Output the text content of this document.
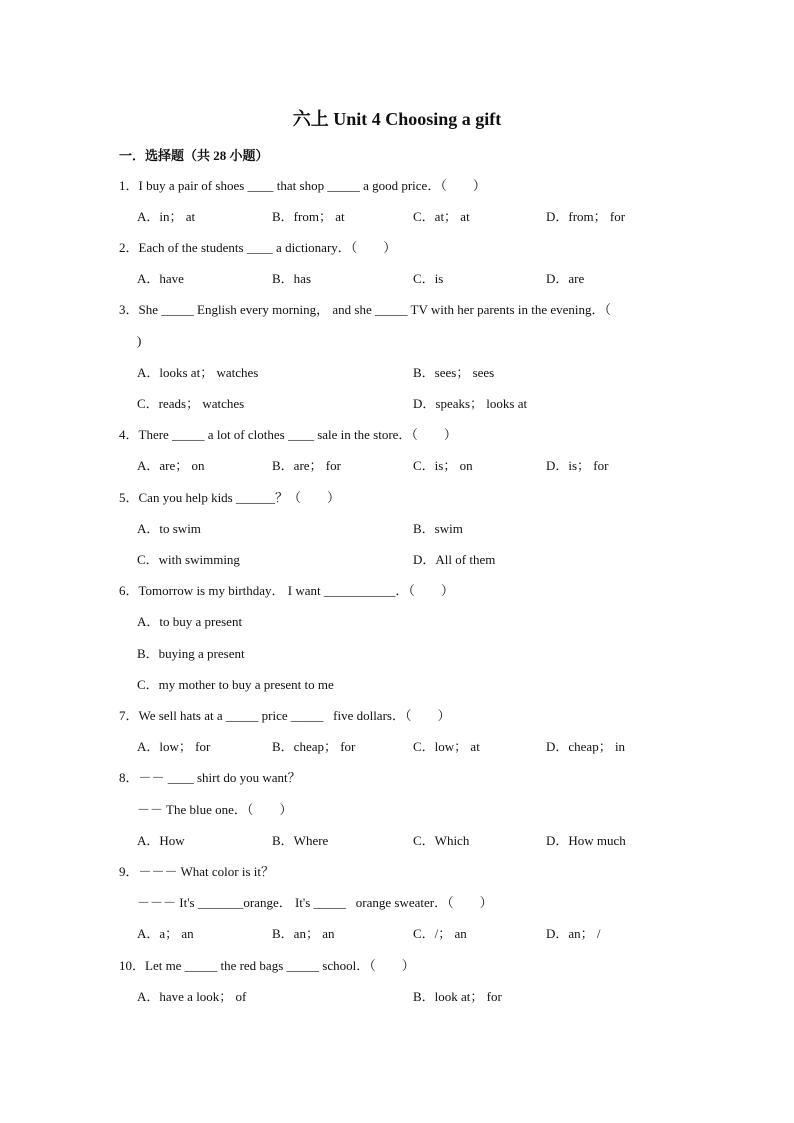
六上 Unit 4 Choosing a gift
一．选择题（共 28 小题）
1．I buy a pair of shoes ____ that shop _____ a good price．（　　）
A．in； at	B．from； at	C．at； at	D．from； for
2．Each of the students ____ a dictionary．（　　）
A．have	B．has	C．is	D．are
3．She _____ English every morning， and she _____ TV with her parents in the evening．（
)
A．looks at； watches	B．sees； sees
C．reads； watches	D．speaks； looks at
4．There _____ a lot of clothes ____ sale in the store．（　　）
A．are； on	B．are； for	C．is； on	D．is； for
5．Can you help kids ______？（　　）
A．to swim	B．swim
C．with swimming	D．All of them
6．Tomorrow is my birthday． I want ___________．（　　）
A．to buy a present
B．buying a present
C．my mother to buy a present to me
7．We sell hats at a _____ price _____   five dollars．（　　）
A．low； for	B．cheap； for	C．low； at	D．cheap； in
8．－－ ____ shirt do you want？
－－ The blue one．（　　）
A．How	B．Where	C．Which	D．How much
9．－－－ What color is it？
－－－ It's _______orange． It's _____   orange sweater．（　　）
A．a； an	B．an； an	C．/； an	D．an； /
10．Let me _____ the red bags _____ school．（　　）
A．have a look； of	B．look at； for
